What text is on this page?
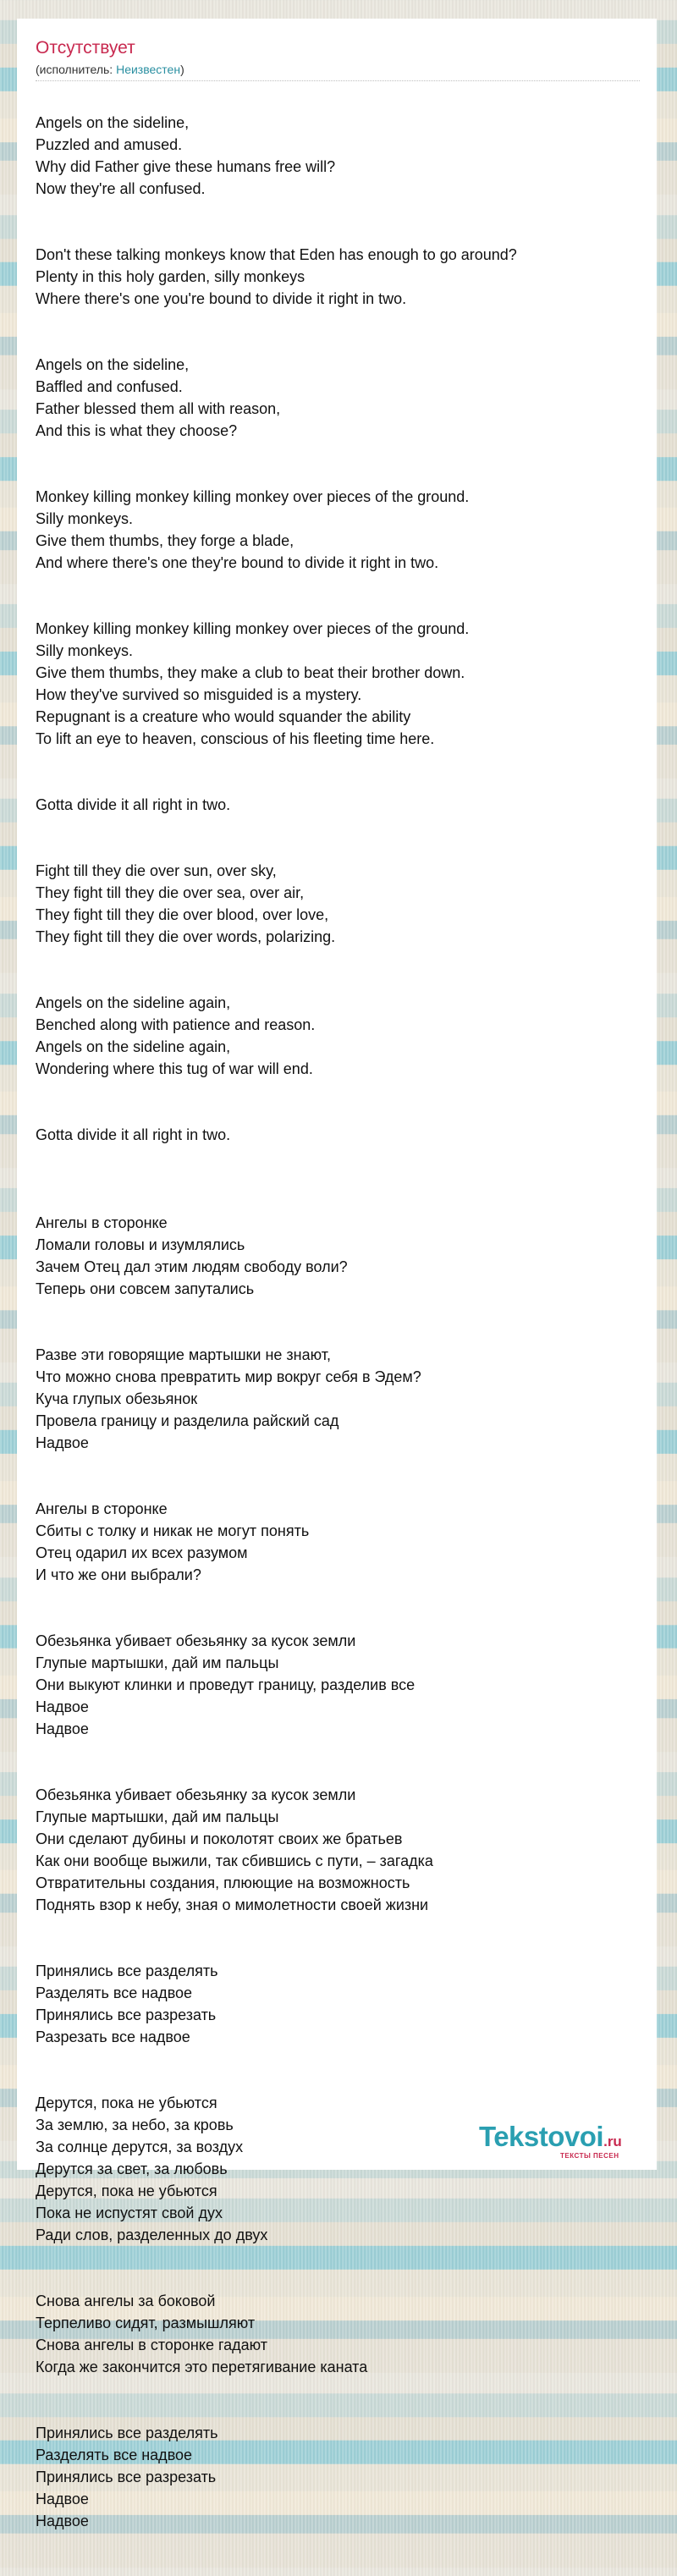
Отсутствует
(исполнитель: Неизвестен)

Angels on the sideline,
Puzzled and amused.
Why did Father give these humans free will?
Now they're all confused.

Don't these talking monkeys know that Eden has enough to go around?
Plenty in this holy garden, silly monkeys
Where there's one you're bound to divide it right in two.

Angels on the sideline,
Baffled and confused.
Father blessed them all with reason,
And this is what they choose?

Monkey killing monkey killing monkey over pieces of the ground.
Silly monkeys.
Give them thumbs, they forge a blade,
And where there's one they're bound to divide it right in two.

Monkey killing monkey killing monkey over pieces of the ground.
Silly monkeys.
Give them thumbs, they make a club to beat their brother down.
How they've survived so misguided is a mystery.
Repugnant is a creature who would squander the ability
To lift an eye to heaven, conscious of his fleeting time here.

Gotta divide it all right in two.

Fight till they die over sun, over sky,
They fight till they die over sea, over air,
They fight till they die over blood, over love,
They fight till they die over words, polarizing.

Angels on the sideline again,
Benched along with patience and reason.
Angels on the sideline again,
Wondering where this tug of war will end.

Gotta divide it all right in two.

Ангелы в сторонке
Ломали головы и изумлялись
Зачем Отец дал этим людям свободу воли?
Теперь они совсем запутались

Разве эти говорящие мартышки не знают,
Что можно снова превратить мир вокруг себя в Эдем?
Куча глупых обезьянок
Провела границу и разделила райский сад
Надвое

Ангелы в сторонке
Сбиты с толку и никак не могут понять
Отец одарил их всех разумом
И что же они выбрали?

Обезьянка убивает обезьянку за кусок земли
Глупые мартышки, дай им пальцы
Они выкуют клинки и проведут границу, разделив все
Надвое
Надвое

Обезьянка убивает обезьянку за кусок земли
Глупые мартышки, дай им пальцы
Они сделают дубины и поколотят своих же братьев
Как они вообще выжили, так сбившись с пути, – загадка
Отвратительны создания, плюющие на возможность
Поднять взор к небу, зная о мимолетности своей жизни

Принялись все разделять
Разделять все надвое
Принялись все разрезать
Разрезать все надвое

Дерутся, пока не убьются
За землю, за небо, за кровь
За солнце дерутся, за воздух
Дерутся за свет, за любовь
Дерутся, пока не убьются
Пока не испустят свой дух
Ради слов, разделенных до двух

Снова ангелы за боковой
Терпеливо сидят, размышляют
Снова ангелы в сторонке гадают
Когда же закончится это перетягивание каната

Принялись все разделять
Разделять все надвое
Принялись все разрезать
Надвое
Надвое

Tekstovoi.ru
ТЕКСТЫ ПЕСЕН
